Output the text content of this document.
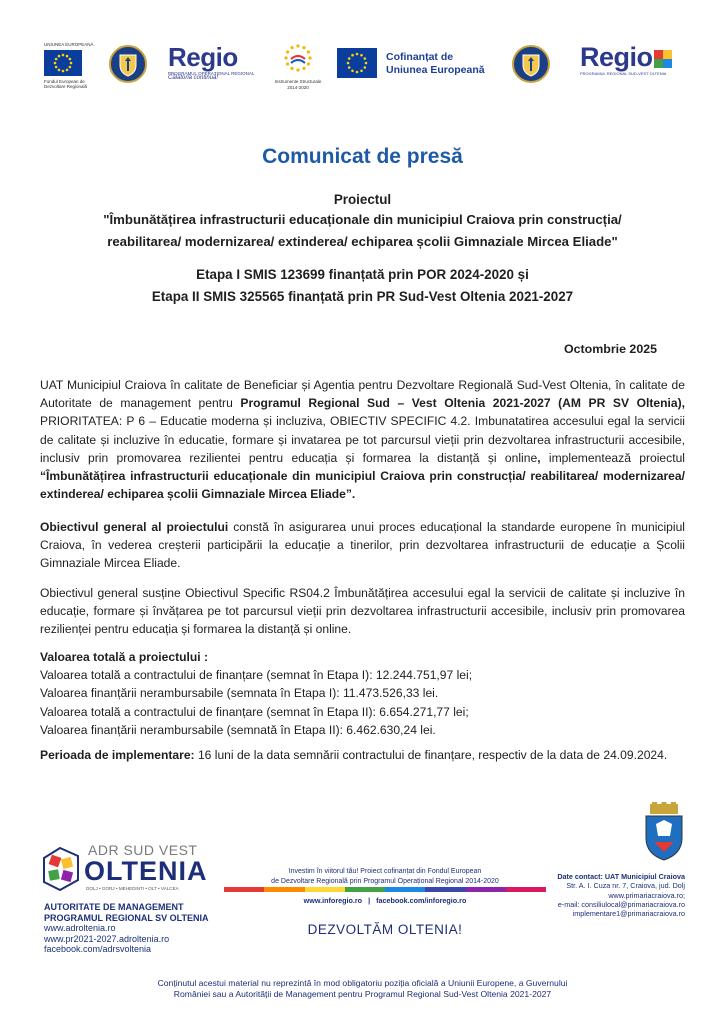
UNIUNEA EUROPEANĂ
Fondul European de
Dezvoltare Regională
Regio
PROGRAMUL OPERAȚIONAL REGIONAL
Călătoria continuă!
Instrumente Structurale
2014-2020
Cofinanțat de
Uniunea Europeană	Regio
PROGRAMUL REGIONAL SUD-VEST OLTENIA
Comunicat de presă
Proiectul
"Îmbunătățirea infrastructurii educaționale din municipiul Craiova prin construcția/
reabilitarea/ modernizarea/ extinderea/ echiparea școlii Gimnaziale Mircea Eliade"
Etapa I SMIS 123699 finanțată prin POR 2024-2020 și
Etapa II SMIS 325565 finanțată prin PR Sud-Vest Oltenia 2021-2027
Octombrie 2025

UAT Municipiul Craiova în calitate de Beneficiar și Agentia pentru Dezvoltare Regională Sud-Vest Oltenia, în calitate de Autoritate de management pentru Programul Regional Sud – Vest Oltenia 2021-2027 (AM PR SV Oltenia), PRIORITATEA: P 6 – Educatie moderna și incluziva, OBIECTIV SPECIFIC 4.2. Imbunatatirea accesului egal la servicii de calitate și incluzive în educatie, formare și invatarea pe tot parcursul vieții prin dezvoltarea infrastructurii accesibile, inclusiv prin promovarea rezilientei pentru educația și formarea la distanță și online, implementează proiectul “Îmbunătățirea infrastructurii educaționale din municipiul Craiova prin construcția/ reabilitarea/ modernizarea/ extinderea/ echiparea școlii Gimnaziale Mircea Eliade”.

Obiectivul general al proiectului constă în asigurarea unui proces educațional la standarde europene în municipiul Craiova, în vederea creșterii participării la educație a tinerilor, prin dezvoltarea infrastructurii de educație a Școlii Gimnaziale Mircea Eliade.

Obiectivul general susține Obiectivul Specific RS04.2 Îmbunătățirea accesului egal la servicii de calitate și incluzive în educație, formare și învățarea pe tot parcursul vieții prin dezvoltarea infrastructurii accesibile, inclusiv prin promovarea rezilienței pentru educația și formarea la distanță și online.

Valoarea totală a proiectului :
Valoarea totală a contractului de finanțare (semnat în Etapa I): 12.244.751,97 lei;
Valoarea finanțării nerambursabile (semnata în Etapa I): 11.473.526,33 lei.
Valoarea totală a contractului de finanțare (semnat în Etapa II): 6.654.271,77 lei;
Valoarea finanțării nerambursabile (semnată în Etapa II): 6.462.630,24 lei.

Perioada de implementare: 16 luni de la data semnării contractului de finanțare, respectiv de la data de 24.09.2024.

ADR SUD VEST
OLTENIA
DOLJ • GORJ • MEHEDINTI • OLT • VALCEA
AUTORITATE DE MANAGEMENT
PROGRAMUL REGIONAL SV OLTENIA
www.adroltenia.ro
www.pr2021-2027.adroltenia.ro
facebook.com/adrsvoltenia
Investim în viitorul tău! Proiect cofinanțat din Fondul European
de Dezvoltare Regională prin Programul Operațional Regional 2014-2020
www.inforegio.ro | facebook.com/inforegio.ro
DEZVOLTĂM OLTENIA!
Date contact: UAT Municipiul Craiova
Str. A. I. Cuza nr. 7, Craiova, jud. Dolj
www.primariacraiova.ro;
e-mail: consiliulocal@primariacraiova.ro
implementare1@primariacraiova.ro
Conținutul acestui material nu reprezintă în mod obligatoriu poziția oficială a Uniunii Europene, a Guvernului
României sau a Autorității de Management pentru Programul Regional Sud-Vest Oltenia 2021-2027
